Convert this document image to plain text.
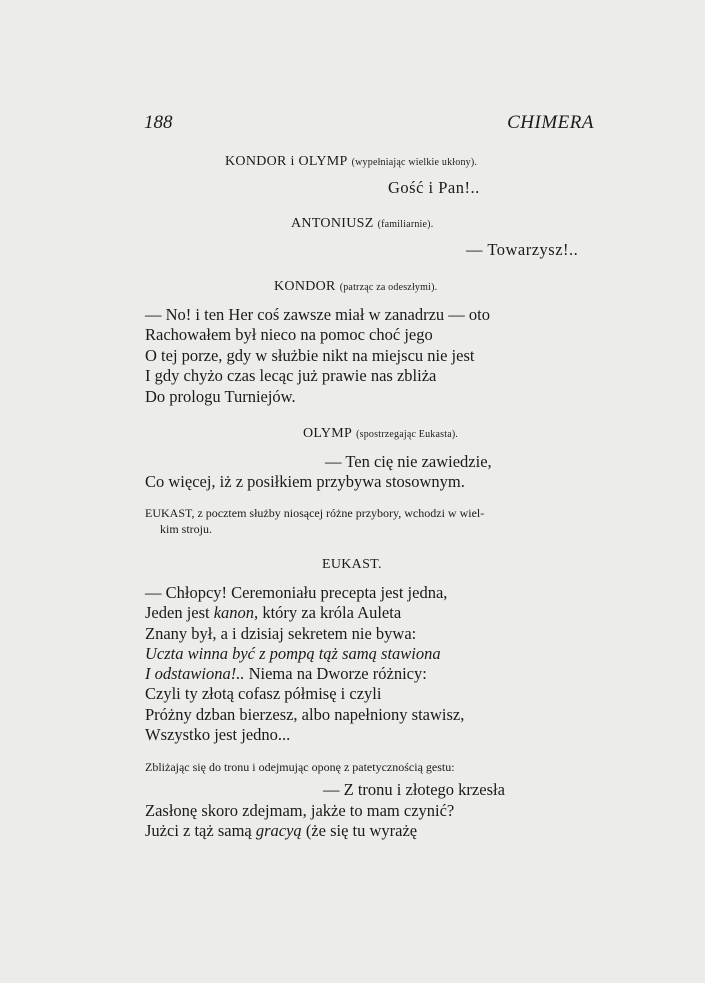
188	CHIMERA
KONDOR i OLYMP (wypełniając wielkie ukłony).
Gość i Pan!..
ANTONIUSZ (familiarnie).
— Towarzysz!..
KONDOR (patrząc za odeszłymi).
— No! i ten Her coś zawsze miał w zanadrzu — oto
Rachowałem był nieco na pomoc choć jego
O tej porze, gdy w służbie nikt na miejscu nie jest
I gdy chyżo czas lecąc już prawie nas zbliża
Do prologu Turniejów.
OLYMP (spostrzegając Eukasta).
— Ten cię nie zawiedzie,
Co więcej, iż z posiłkiem przybywa stosownym.
EUKAST, z pocztem służby niosącej różne przybory, wchodzi w wiel-
kim stroju.
EUKAST.
— Chłopcy! Ceremoniału precepta jest jedna,
Jeden jest kanon, który za króla Auleta
Znany był, a i dzisiaj sekretem nie bywa:
Uczta winna być z pompą tąż samą stawiona
I odstawiona!.. Niema na Dworze różnicy:
Czyli ty złotą cofasz półmisę i czyli
Próżny dzban bierzesz, albo napełniony stawisz,
Wszystko jest jedno...
Zbliżając się do tronu i odejmując oponę z patetycznością gestu:
— Z tronu i złotego krzesła
Zasłonę skoro zdejmam, jakże to mam czynić?
Jużci z tąż samą gracyą (że się tu wyrażę
